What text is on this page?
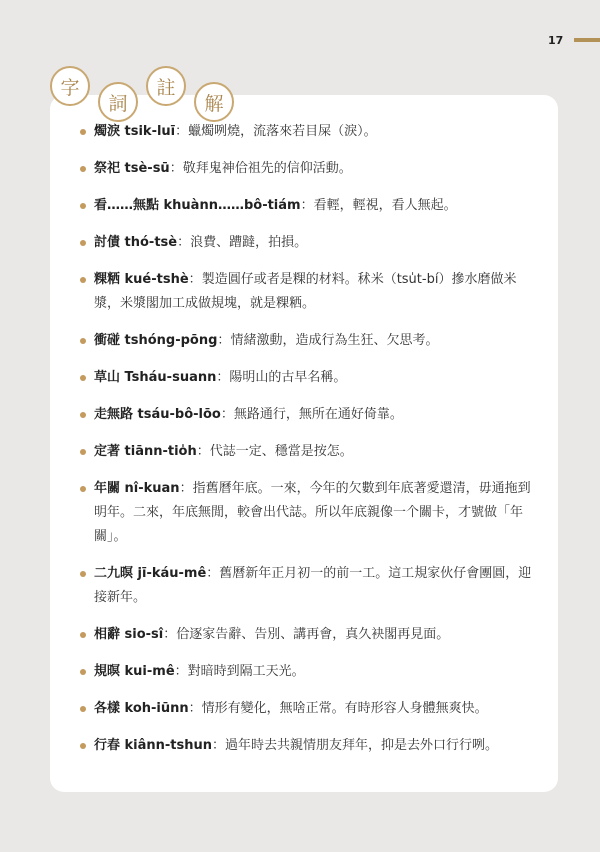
17
字
詞
註
解
燭淚 tsik-luī：蠟燭咧燒，流落來若目屎（淚）。
祭祀 tsè-sū：敬拜鬼神佮祖先的信仰活動。
看……無點 khuànn……bô-tiám：看輕，輕視，看人無起。
討債 thó-tsè：浪費、蹧躂，拍損。
粿粞 kué-tshè：製造圓仔或者是粿的材料。秫米（tsu̍t-bí）摻水磨做米漿，米漿閣加工成做規塊，就是粿粞。
衝碰 tshóng-pōng：情緒激動，造成行為生狂、欠思考。
草山 Tsháu-suann：陽明山的古早名稱。
走無路 tsáu-bô-lōo：無路通行，無所在通好倚靠。
定著 tiānn-tio̍h：代誌一定、穩當是按怎。
年關 nî-kuan：指舊曆年底。一來，今年的欠數到年底著愛還清，毋通拖到明年。二來，年底無閒，較會出代誌。所以年底親像一个關卡，才號做「年關」。
二九暝 jī-káu-mê：舊曆新年正月初一的前一工。這工規家伙仔會團圓，迎接新年。
相辭 sio-sî：佮逐家告辭、告別、講再會，真久袂閣再見面。
規暝 kui-mê：對暗時到隔工天光。
各樣 koh-iūnn：情形有變化，無啥正常。有時形容人身體無爽快。
行春 kiânn-tshun：過年時去共親情朋友拜年，抑是去外口行行咧。
